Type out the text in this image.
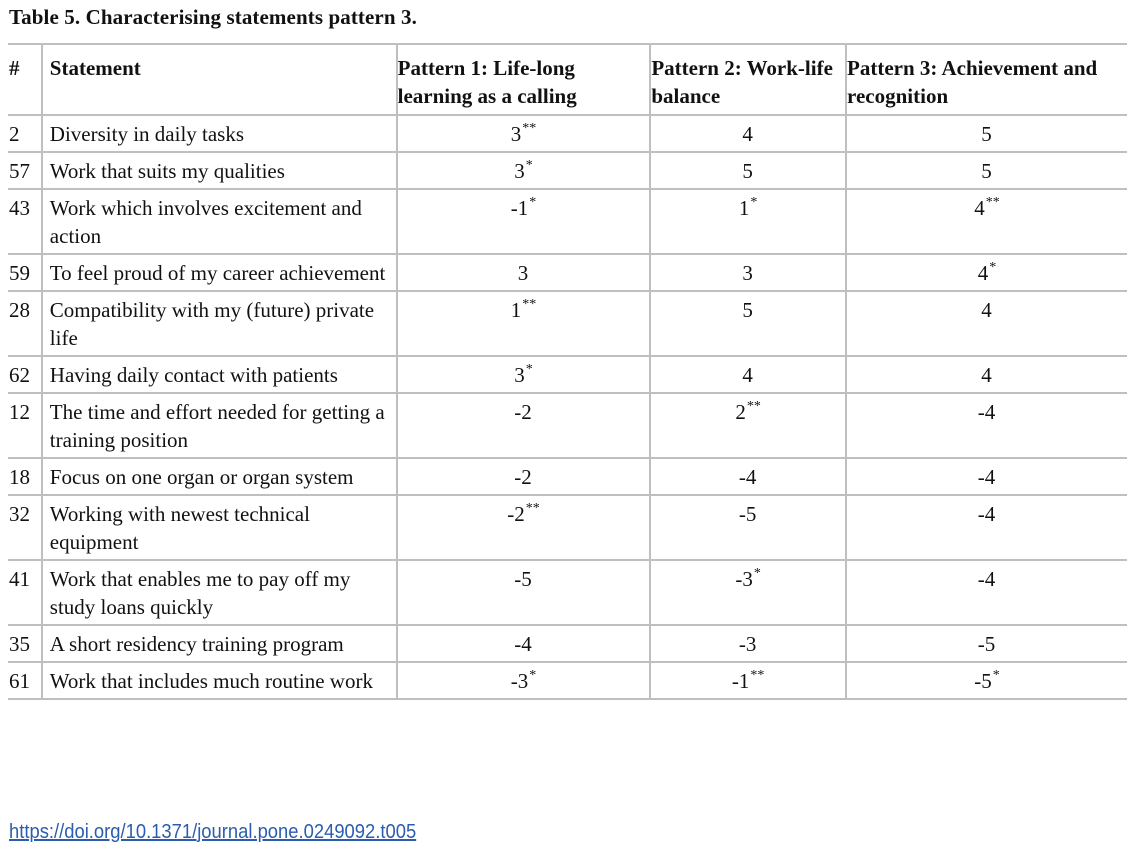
Table 5. Characterising statements pattern 3.
#	Statement	Pattern 1: Life-long learning as a calling	Pattern 2: Work-life balance	Pattern 3: Achievement and recognition
2	Diversity in daily tasks	3**	4	5
57	Work that suits my qualities	3*	5	5
43	Work which involves excitement and action	-1*	1*	4**
59	To feel proud of my career achievement	3	3	4*
28	Compatibility with my (future) private life	1**	5	4
62	Having daily contact with patients	3*	4	4
12	The time and effort needed for getting a training position	-2	2**	-4
18	Focus on one organ or organ system	-2	-4	-4
32	Working with newest technical equipment	-2**	-5	-4
41	Work that enables me to pay off my study loans quickly	-5	-3*	-4
35	A short residency training program	-4	-3	-5
61	Work that includes much routine work	-3*	-1**	-5*
https://doi.org/10.1371/journal.pone.0249092.t005
